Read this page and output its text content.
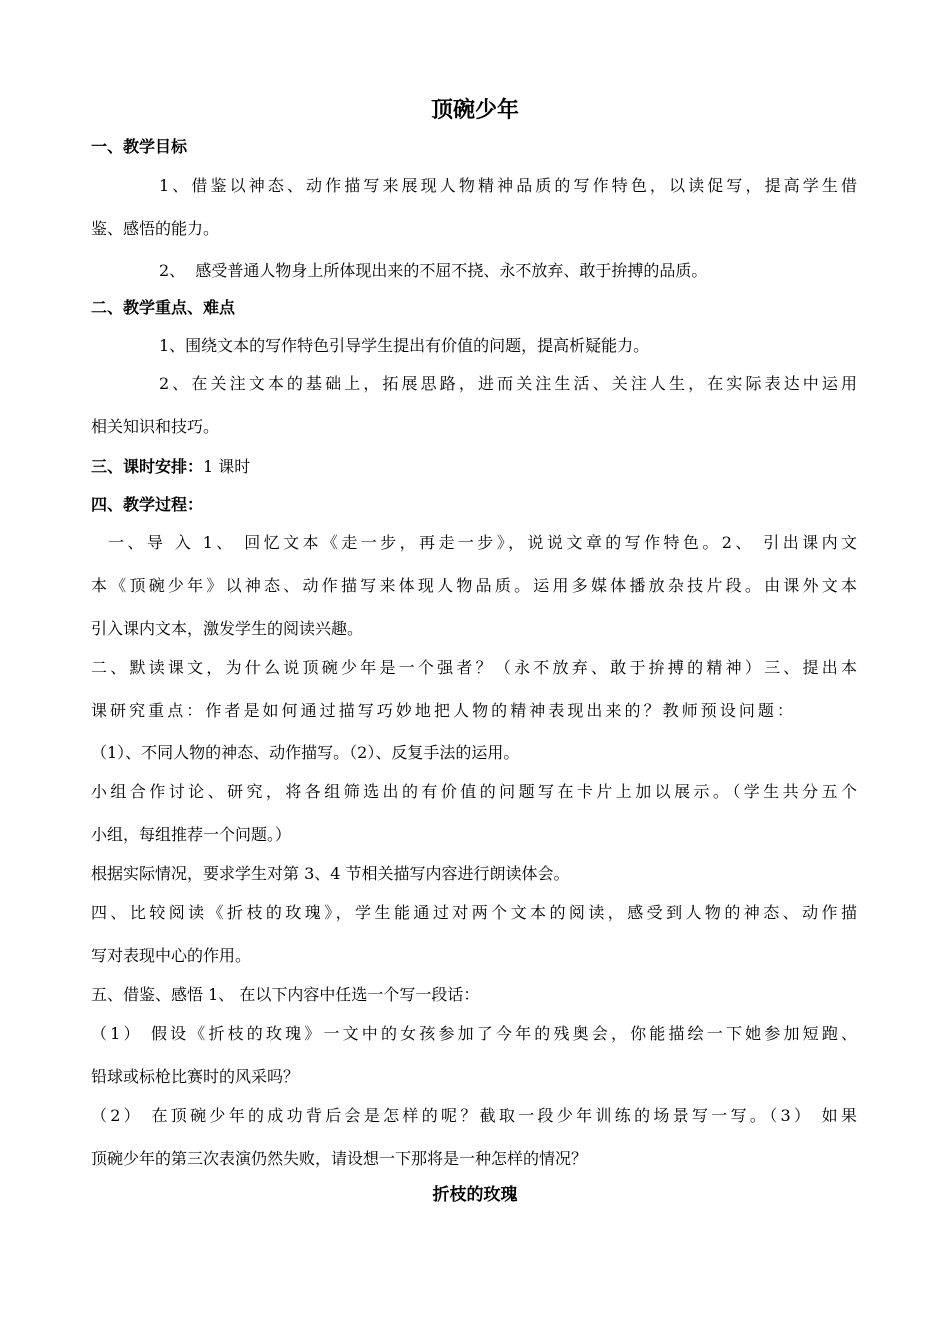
顶碗少年
一、教学目标
1、借鉴以神态、动作描写来展现人物精神品质的写作特色，以读促写，提高学生借
鉴、感悟的能力。
2、  感受普通人物身上所体现出来的不屈不挠、永不放弃、敢于拚搏的品质。
二、教学重点、难点
1、围绕文本的写作特色引导学生提出有价值的问题，提高析疑能力。
2、在关注文本的基础上，拓展思路，进而关注生活、关注人生，在实际表达中运用
相关知识和技巧。
三、课时安排：1 课时
四、教学过程：
一、导 入 1、 回忆文本《走一步，再走一步》，说说文章的写作特色。2、 引出课内文
本《顶碗少年》以神态、动作描写来体现人物品质。运用多媒体播放杂技片段。由课外文本
引入课内文本，激发学生的阅读兴趣。
二、默读课文，为什么说顶碗少年是一个强者？（永不放弃、敢于拚搏的精神）三、提出本
课研究重点：作者是如何通过描写巧妙地把人物的精神表现出来的？教师预设问题：
（1）、不同人物的神态、动作描写。（2）、反复手法的运用。
小组合作讨论、研究，将各组筛选出的有价值的问题写在卡片上加以展示。（学生共分五个
小组，每组推荐一个问题。）
根据实际情况，要求学生对第 3、4 节相关描写内容进行朗读体会。
四、比较阅读《折枝的玫瑰》，学生能通过对两个文本的阅读，感受到人物的神态、动作描
写对表现中心的作用。
五、借鉴、感悟 1、 在以下内容中任选一个写一段话：
（1） 假设《折枝的玫瑰》一文中的女孩参加了今年的残奥会，你能描绘一下她参加短跑、
铅球或标枪比赛时的风采吗？
（2） 在顶碗少年的成功背后会是怎样的呢？截取一段少年训练的场景写一写。（3） 如果
顶碗少年的第三次表演仍然失败，请设想一下那将是一种怎样的情况？
折枝的玫瑰
